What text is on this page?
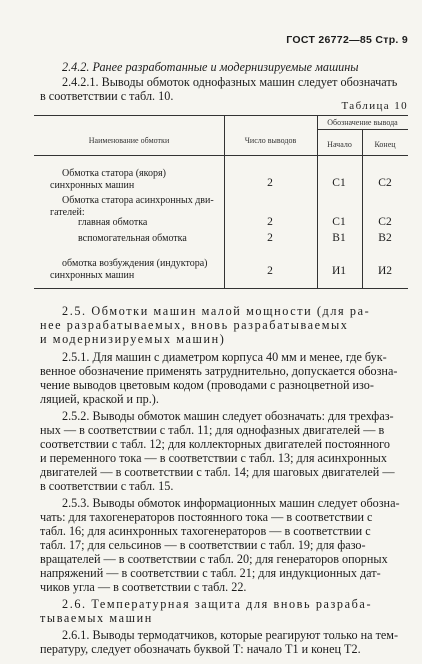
ГОСТ 26772—85 Стр. 9
2.4.2. Ранее разработанные и модернизируемые машины
2.4.2.1. Выводы обмоток однофазных машин следует обозначать
в соответствии с табл. 10.
Таблица 10
Наименование обмотки	Число выводов
Обозначение вывода
Начало	Конец
Обмотка статора (якоря)
синхронных машин	2	C1	C2
Обмотка статора асинхронных дви-
гателей:
главная обмотка	2	C1	C2
вспомогательная обмотка	2	B1	B2
обмотка возбуждения (индуктора)
синхронных машин	2	И1	И2
2.5. Обмотки машин малой мощности (для ра-
нее разрабатываемых, вновь разрабатываемых
и модернизируемых машин)
2.5.1. Для машин с диаметром корпуса 40 мм и менее, где бук-
венное обозначение применять затруднительно, допускается обозна-
чение выводов цветовым кодом (проводами с разноцветной изо-
ляцией, краской и пр.).
2.5.2. Выводы обмоток машин следует обозначать: для трехфаз-
ных — в соответствии с табл. 11; для однофазных двигателей — в
соответствии с табл. 12; для коллекторных двигателей постоянного
и переменного тока — в соответствии с табл. 13; для асинхронных
двигателей — в соответствии с табл. 14; для шаговых двигателей —
в соответствии с табл. 15.
2.5.3. Выводы обмоток информационных машин следует обозна-
чать: для тахогенераторов постоянного тока — в соответствии с
табл. 16; для асинхронных тахогенераторов — в соответствии с
табл. 17; для сельсинов — в соответствии с табл. 19; для фазо-
вращателей — в соответствии с табл. 20; для генераторов опорных
напряжений — в соответствии с табл. 21; для индукционных дат-
чиков угла — в соответствии с табл. 22.
2.6. Температурная защита для вновь разраба-
тываемых машин
2.6.1. Выводы термодатчиков, которые реагируют только на тем-
пературу, следует обозначать буквой Т: начало Т1 и конец Т2.
